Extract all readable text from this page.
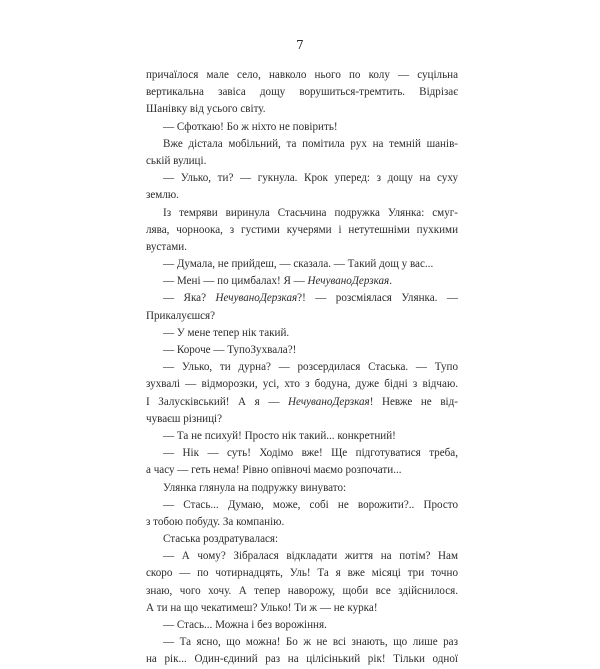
7
причаїлося мале село, навколо нього по колу — суцільна
вертикальна завіса дощу ворушиться-тремтить. Відрізає
Шанівку від усього світу.
— Сфоткаю! Бо ж ніхто не повірить!
Вже дістала мобільний, та помітила рух на темній шанів-
ській вулиці.
— Улько, ти? — гукнула. Крок уперед: з дощу на суху
землю.
Із темряви виринула Стасьчина подружка Улянка: смуг-
лява, чорноока, з густими кучерями і нетутешніми пухкими
вустами.
— Думала, не прийдеш, — сказала. — Такий дощ у вас...
— Мені — по цимбалах! Я — НечуваноДерзкая.
— Яка? НечуваноДерзкая?! — розсміялася Улянка. —
Прикалуєшся?
— У мене тепер нік такий.
— Короче — ТупоЗухвала?!
— Улько, ти дурна? — розсердилася Стаська. — Тупо
зухвалі — відморозки, усі, хто з бодуна, дуже бідні з відчаю.
І Залусківський! А я — НечуваноДерзкая! Невже не від-
чуваєш різниці?
— Та не психуй! Просто нік такий... конкретний!
— Нік — суть! Ходімо вже! Ще підготуватися треба,
а часу — геть нема! Рівно опівночі маємо розпочати...
Улянка глянула на подружку винувато:
— Стась... Думаю, може, собі не ворожити?.. Просто
з тобою побуду. За компанію.
Стаська роздратувалася:
— А чому? Зібралася відкладати життя на потім? Нам
скоро — по чотирнадцять, Уль! Та я вже місяці три точно
знаю, чого хочу. А тепер наворожу, щоби все здійснилося.
А ти на що чекатимеш? Улько! Ти ж — не курка!
— Стась... Можна і без ворожіння.
— Та ясно, що можна! Бо ж не всі знають, що лише раз
на рік... Один-єдиний раз на цілісінький рік! Тільки одної
